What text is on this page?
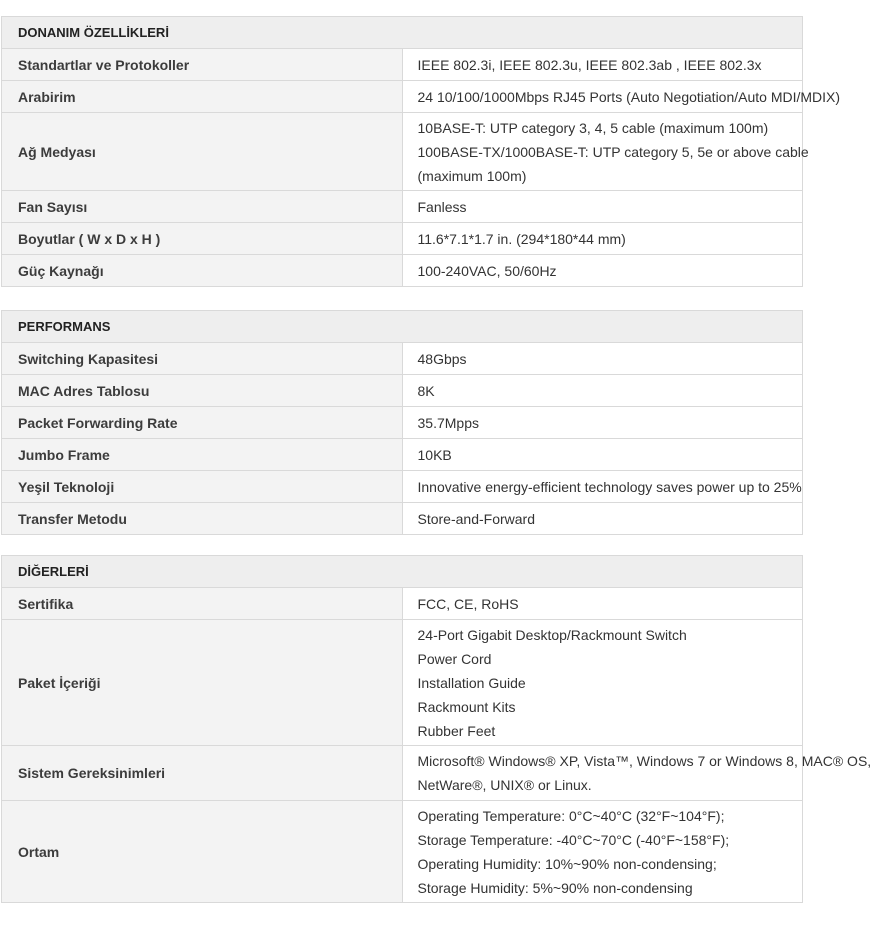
DONANIM ÖZELLİKLERİ	
Standartlar ve Protokoller	IEEE 802.3i, IEEE 802.3u, IEEE 802.3ab , IEEE 802.3x

Arabirim	24 10/100/1000Mbps RJ45 Ports (Auto Negotiation/Auto MDI/MDIX)

Ağ Medyası	10BASE-T: UTP category 3, 4, 5 cable (maximum 100m)
100BASE-TX/1000BASE-T: UTP category 5, 5e or above cable
(maximum 100m)

Fan Sayısı	Fanless

Boyutlar ( W x D x H )	11.6*7.1*1.7 in. (294*180*44 mm)

Güç Kaynağı	100-240VAC, 50/60Hz
PERFORMANS	
Switching Kapasitesi	48Gbps

MAC Adres Tablosu	8K

Packet Forwarding Rate	35.7Mpps

Jumbo Frame	10KB

Yeşil Teknoloji	Innovative energy-efficient technology saves power up to 25%

Transfer Metodu	Store-and-Forward
DİĞERLERİ	
Sertifika	FCC, CE, RoHS

Paket İçeriği	24-Port Gigabit Desktop/Rackmount Switch
Power Cord
Installation Guide
Rackmount Kits
Rubber Feet

Sistem Gereksinimleri	Microsoft® Windows® XP, Vista™, Windows 7 or Windows 8, MAC® OS,
NetWare®, UNIX® or Linux.

Ortam	Operating Temperature: 0°C~40°C (32°F~104°F);
Storage Temperature: -40°C~70°C (-40°F~158°F);
Operating Humidity: 10%~90% non-condensing;
Storage Humidity: 5%~90% non-condensing
